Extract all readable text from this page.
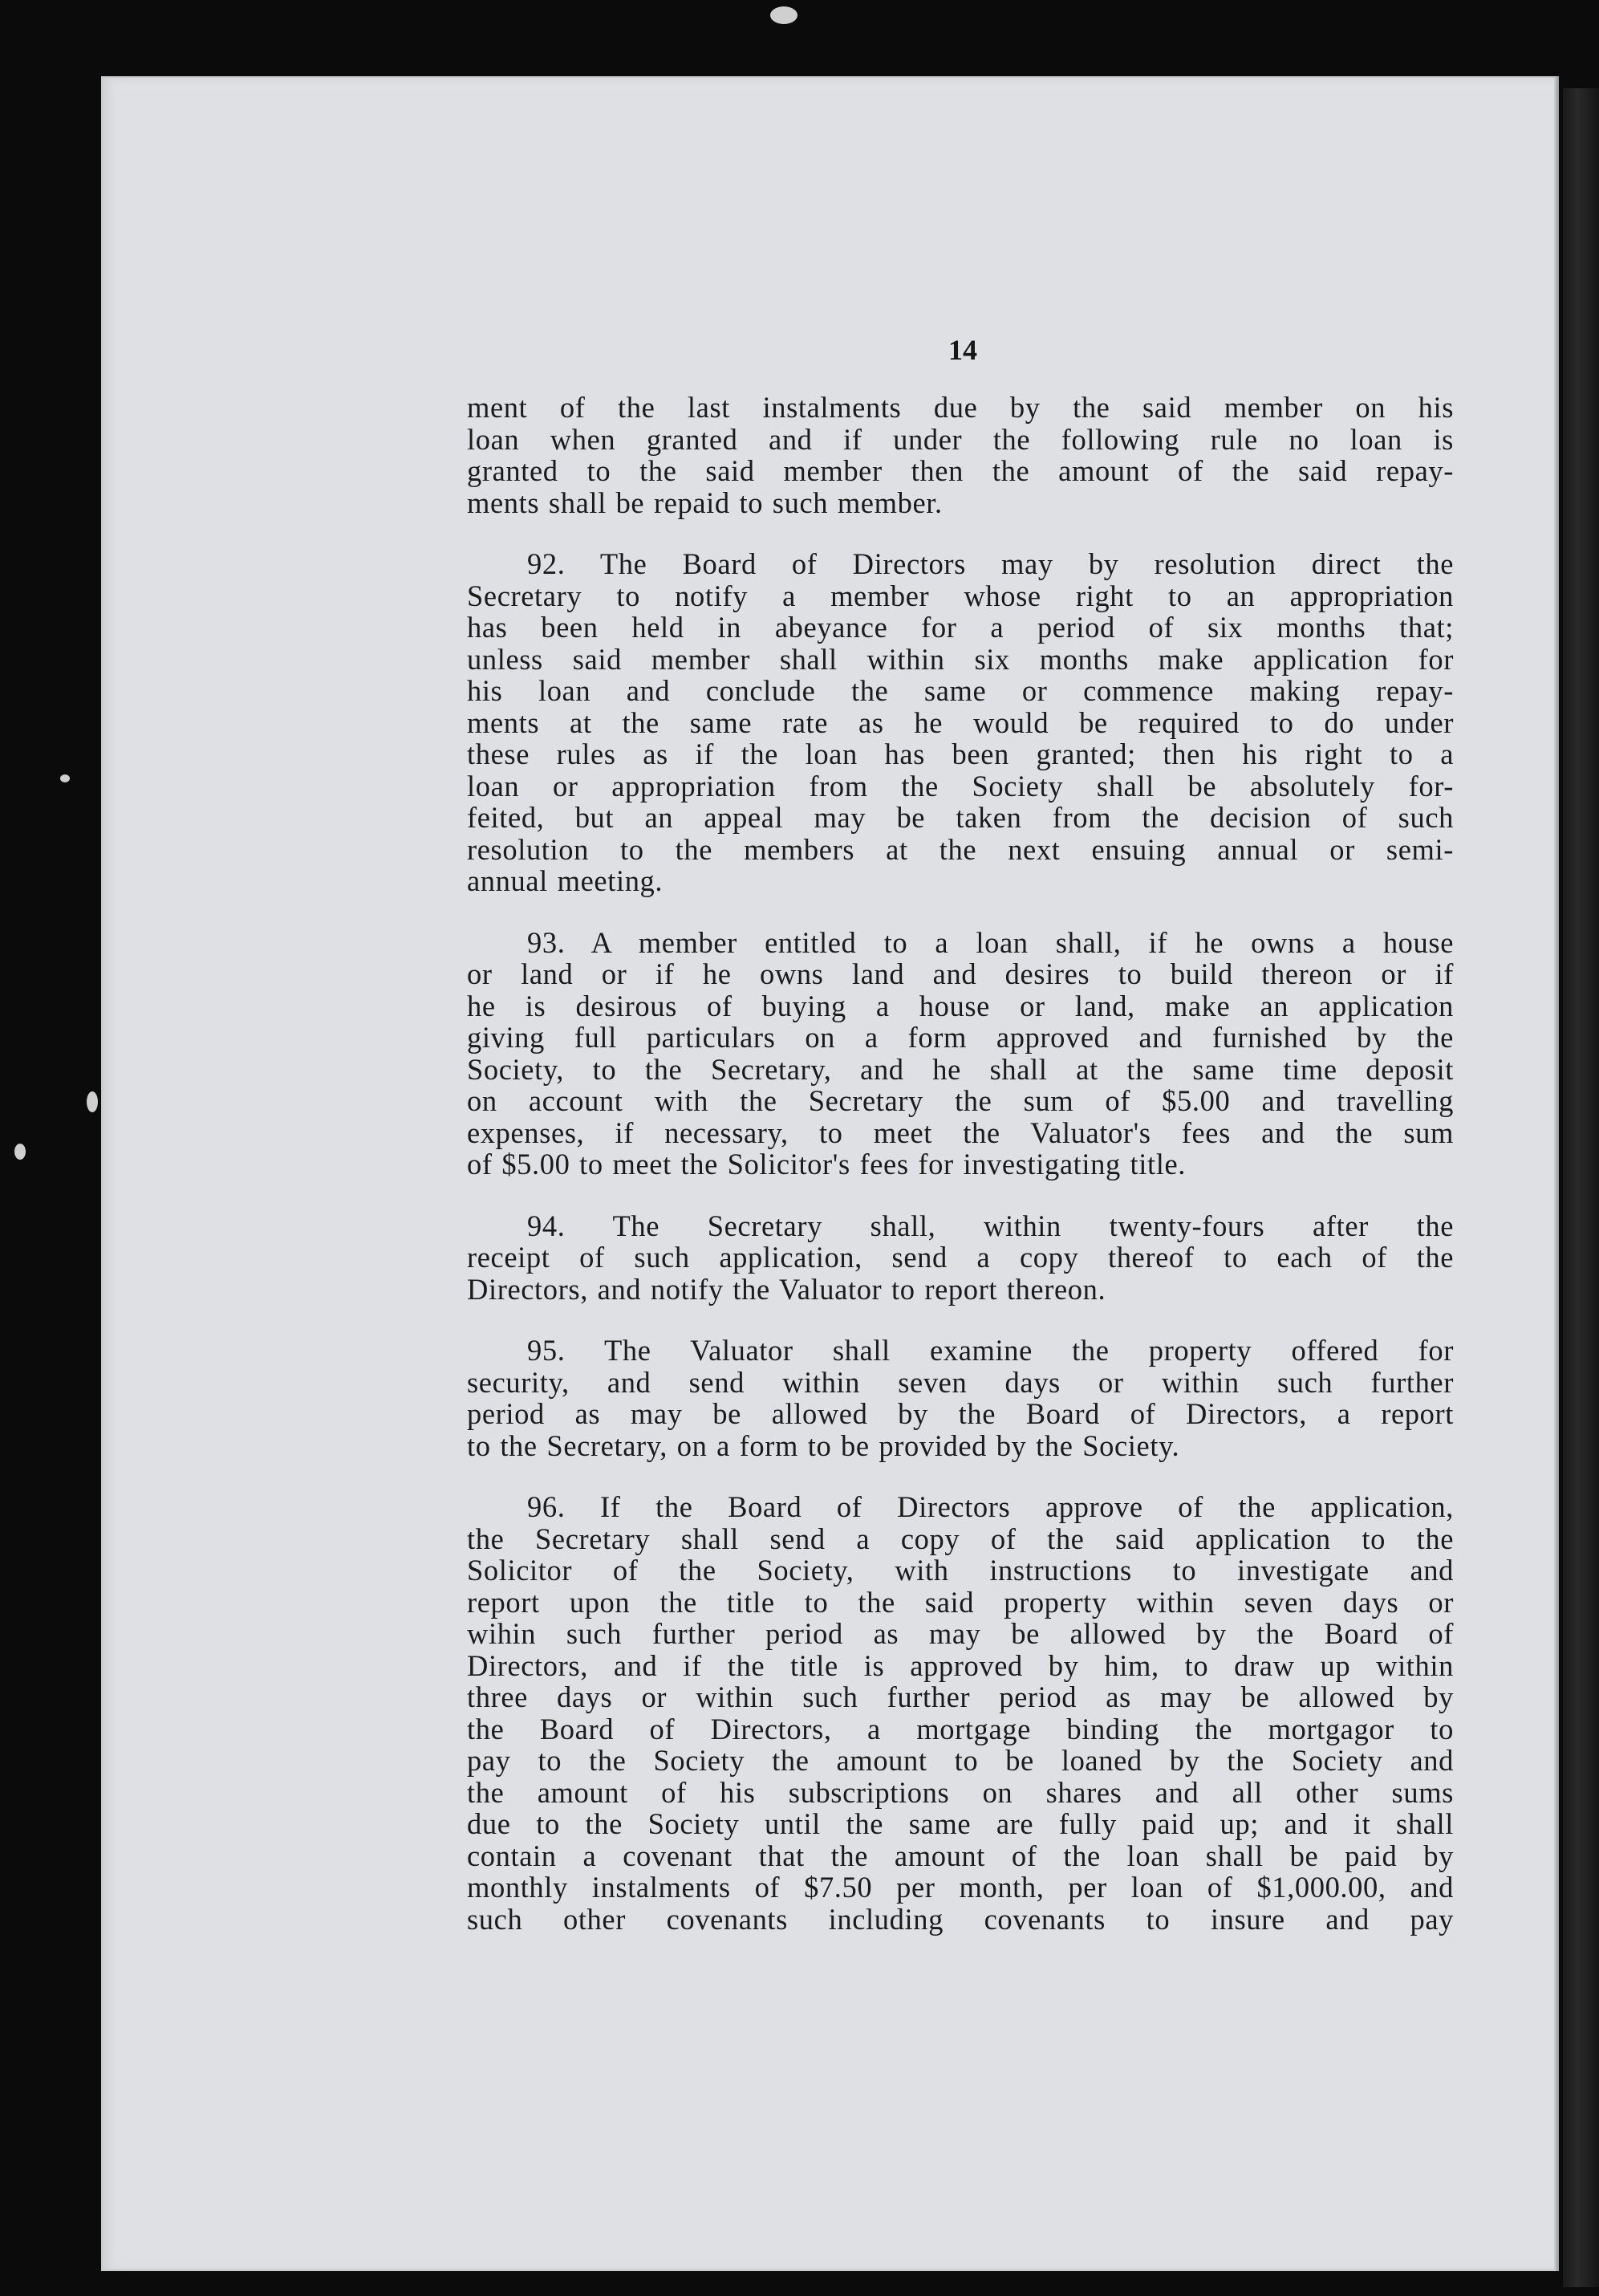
14

ment of the last instalments due by the said member on his
loan when granted and if under the following rule no loan is
granted to the said member then the amount of the said repay-
ments shall be repaid to such member.

92. The Board of Directors may by resolution direct the
Secretary to notify a member whose right to an appropriation
has been held in abeyance for a period of six months that;
unless said member shall within six months make application for
his loan and conclude the same or commence making repay-
ments at the same rate as he would be required to do under
these rules as if the loan has been granted; then his right to a
loan or appropriation from the Society shall be absolutely for-
feited, but an appeal may be taken from the decision of such
resolution to the members at the next ensuing annual or semi-
annual meeting.

93. A member entitled to a loan shall, if he owns a house
or land or if he owns land and desires to build thereon or if
he is desirous of buying a house or land, make an application
giving full particulars on a form approved and furnished by the
Society, to the Secretary, and he shall at the same time deposit
on account with the Secretary the sum of $5.00 and travelling
expenses, if necessary, to meet the Valuator's fees and the sum
of $5.00 to meet the Solicitor's fees for investigating title.

94. The Secretary shall, within twenty-fours after the
receipt of such application, send a copy thereof to each of the
Directors, and notify the Valuator to report thereon.

95. The Valuator shall examine the property offered for
security, and send within seven days or within such further
period as may be allowed by the Board of Directors, a report
to the Secretary, on a form to be provided by the Society.

96. If the Board of Directors approve of the application,
the Secretary shall send a copy of the said application to the
Solicitor of the Society, with instructions to investigate and
report upon the title to the said property within seven days or
wihin such further period as may be allowed by the Board of
Directors, and if the title is approved by him, to draw up within
three days or within such further period as may be allowed by
the Board of Directors, a mortgage binding the mortgagor to
pay to the Society the amount to be loaned by the Society and
the amount of his subscriptions on shares and all other sums
due to the Society until the same are fully paid up; and it shall
contain a covenant that the amount of the loan shall be paid by
monthly instalments of $7.50 per month, per loan of $1,000.00, and
such other covenants including covenants to insure and pay
